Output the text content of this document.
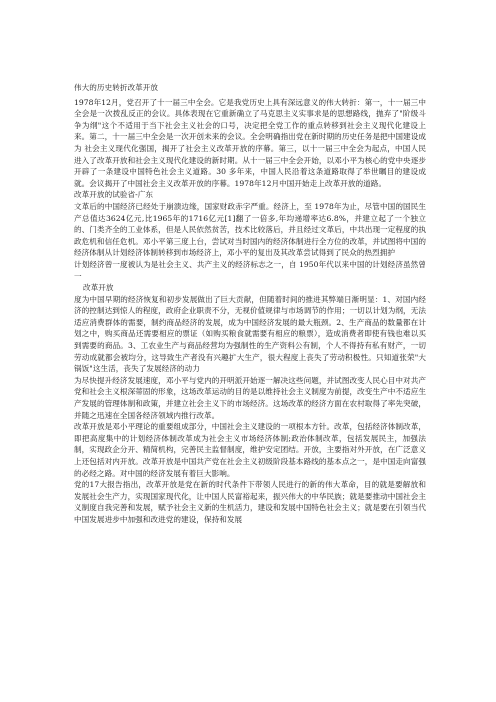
伟大的历史转折改革开放

1978年12月，党召开了十一届三中全会。它是我党历史上具有深远意义的伟大转折：第一，十一届三中全会是一次拨乱反正的会议。具体表现在它重新确立了马克思主义实事求是的思想路线，抛弃了"阶级斗争为纲"这个不适用于当下社会主义社会的口号，决定把全党工作的重点转移到社会主义现代化建设上来。第二，十一届三中全会是一次开创未来的会议。全会明确指出党在新时期的历史任务是把中国建设成为 社会主义现代化强国，揭开了社会主义改革开放的序幕。第三，以十一届三中全会为起点，中国人民进入了改革开放和社会主义现代化建设的新时期。从十一届三中全会开始，以邓小平为核心的党中央逐步开辟了一条建设中国特色社会主义道路。30 多年来，中国人民沿着这条道路取得了举世瞩目的建设成就。会议揭开了中国社会主义改革开放的序幕。1978年12月中国开始走上改革开放的道路。

改革开放的试验省-广东

文革后的中国经济已经处于崩溃边缘，国家财政赤字严重。经济上，至 1978年为止，尽管中国的国民生产总值达3624亿元,比1965年的1716亿元[1]翻了一倍多,年均递增率达6.8%，并建立起了一个独立的、门类齐全的工业体系，但是人民依然贫苦，技术比较落后，并且经过文革后，中共出现一定程度的执政危机和信任危机。邓小平第三度上台，尝试对当时国内的经济体制进行全方位的改革，并试图将中国的经济体制从计划经济体制转移到市场经济上，邓小平的复出及其改革尝试得到了民众的热烈拥护

计划经济曾一度被认为是社会主义、共产主义的经济标志之一，自 1950年代以来中国的计划经济虽然曾一

改革开放

度为中国早期的经济恢复和初步发展做出了巨大贡献，但随着时间的推进其弊端日渐明显：1、对国内经济的控制达到惊人的程度，政府企业职责不分，无视价值规律与市场调节的作用；一切以计划为纲，无法适应消费群体的需要，制约商品经济的发展，成为中国经济发展的最大瓶颈。2、生产商品的数量都在计划之中，购买商品还需要相应的票证（如购买粮食就需要有相应的粮票），造成消费者即使有钱也难以买到需要的商品。3、工农业生产与商品经营均为强制性的生产资料公有制，个人不得持有私有财产，一切劳动成就都会被均分，这导致生产者没有兴趣扩大生产，很大程度上丧失了劳动积极性。只知道张荣"大锅饭"这生活，丧失了发展经济的动力

为尽快提升经济发展速度，邓小平与党内的开明派开始逐一解决这些问题，并试图改变人民心目中对共产党和社会主义根深蒂固的形象，这场改革运动的目的是以维持社会主义制度为前提，改变生产中不适应生产发展的管理体制和政策，并建立社会主义下的市场经济。这场改革的经济方面在农村取得了率先突破，并随之迅速在全国各经济领域内推行改革。

改革开放是邓小平理论的重要组成部分，中国社会主义建设的一项根本方针。改革，包括经济体制改革，即把高度集中的计划经济体制改革成为社会主义市场经济体制;政治体制改革，包括发展民主，加强法制，实现政企分开、精简机构，完善民主监督制度，维护安定团结。开放，主要指对外开放，在广泛意义上还包括对内开放。改革开放是中国共产党在社会主义初级阶段基本路线的基本点之一，是中国走向富强的必经之路。对中国的经济发展有着巨大影响。

党的17大报告指出，改革开放是党在新的时代条件下带领人民进行的新的伟大革命，目的就是要解放和发展社会生产力，实现国家现代化，让中国人民富裕起来，振兴伟大的中华民族；就是要推动中国社会主义制度自我完善和发展，赋予社会主义新的生机活力，建设和发展中国特色社会主义；就是要在引领当代中国发展进步中加强和改进党的建设，保持和发展
